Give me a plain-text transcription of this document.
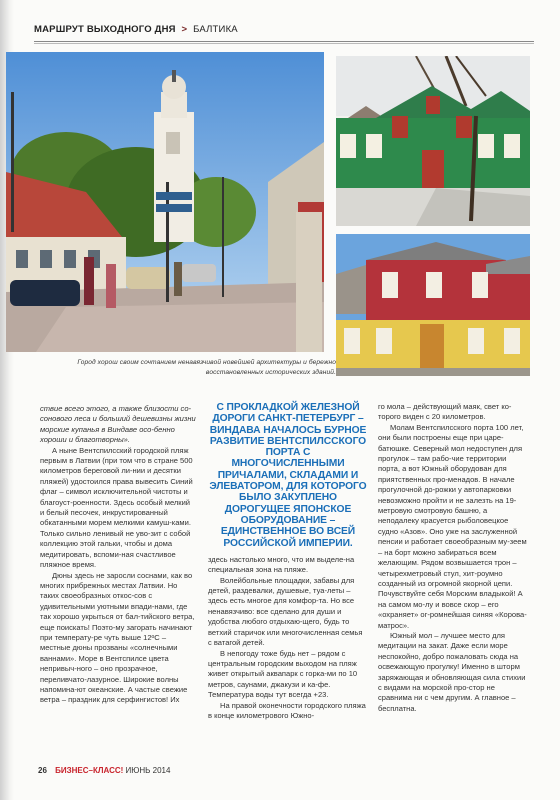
МАРШРУТ ВЫХОДНОГО ДНЯ > БАЛТИКА
Город хорош своим сочтанием ненавязчивой новейшей архитектуры и бережно восстановленных исторических зданий.

ствие всего этого, а также близости со-сонового леса и больший дешевизны жизни морские купанья в Виндаве осо-бенно хороши и благотворны».

А ныне Вентспилсский городской пляж первым в Латвии (при том что в стране 500 километров береговой ли-нии и десятки пляжей) удостоился права вывесить Синий флаг – символ исключительной чистоты и благоуст-роенности. Здесь особый мелкий и белый песочек, инкрустированный обкатанными морем мелкими камуш-ками. Только сильно ленивый не уво-зит с собой коллекцию этой гальки, чтобы и дома медитировать, вспоми-ная счастливое пляжное время.

Дюны здесь не заросли соснами, как во многих прибрежных местах Латвии. Но таких своеобразных откос-сов с удивительными уютными впади-нами, где так хорошо укрыться от бал-тийского ветра, еще поискать! Поэто-му загорать начинают при температу-ре чуть выше 12ºС – местные дюны прозваны «солнечными ваннами». Море в Вентспилсе цвета непривыч-ного – оно прозрачное, переливчато-лазурное. Широкие волны напомина-ют океанские. А частые свежие ветра – праздник для серфингистов! Их

С ПРОКЛАДКОЙ ЖЕЛЕЗНОЙ ДОРОГИ САНКТ-ПЕТЕРБУРГ – ВИНДАВА НАЧАЛОСЬ БУРНОЕ РАЗВИТИЕ ВЕНТСПИЛССКОГО ПОРТА С МНОГОЧИСЛЕННЫМИ ПРИЧАЛАМИ, СКЛАДАМИ И ЭЛЕВАТОРОМ, ДЛЯ КОТОРОГО БЫЛО ЗАКУПЛЕНО ДОРОГУЩЕЕ ЯПОНСКОЕ ОБОРУДОВАНИЕ – ЕДИНСТВЕННОЕ ВО ВСЕЙ РОССИЙСКОЙ ИМПЕРИИ.

здесь настолько много, что им выделе-на специальная зона на пляже.

Волейбольные площадки, забавы для детей, раздевалки, душевые, туа-леты – здесь есть многое для комфор-та. Но все ненавязчиво: все сделано для души и удобства любого отдыхаю-щего, будь то ветхий старичок или многочисленная семья с ватагой детей.

В непогоду тоже будь нет – рядом с центральным городским выходом на пляж живет открытый аквапарк с горка-ми по 10 метров, саунами, джакузи и ка-фе. Температура воды тут всегда +23.

На правой оконечности городского пляжа в конце километрового Южно-

го мола – действующий маяк, свет ко-торого виден с 20 километров.

Молам Вентспилсского порта 100 лет, они были построены еще при царе-батюшке. Северный мол недоступен для прогулок – там рабо-чие территории порта, а вот Южный оборудован для приятственных про-менадов. В начале прогулочной до-рожки у автопарковки невозможно пройти и не залезть на 19-метровую смотровую башню, а неподалеку красуется рыболовецкое судно «Азов». Оно уже на заслуженной пенсии и работает своеобразным му-зеем – на борт можно забираться всем желающим. Рядом возвышается трон – четырехметровый стул, хит-роумно созданный из огромной якорной цепи. Почувствуйте себя Морским владыкой! А на самом мо-лу и вовсе скор – его «охраняет» ог-ромнейшая синяя «Корова-матрос».

Южный мол – лучшее место для медитации на закат. Даже если море неспокойно, добро пожаловать сюда на освежающую прогулку! Именно в шторм заряжающая и обновляющая сила стихии с видами на морской про-стор не сравнима ни с чем другим. А главное – бесплатна.

26 БИЗНЕС–КЛАСС! ИЮНЬ 2014
